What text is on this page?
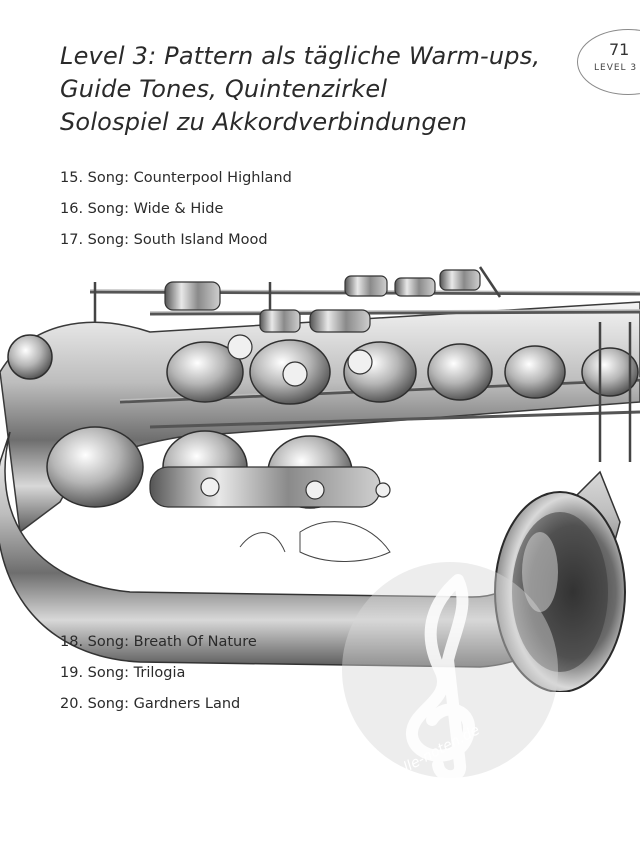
Level 3: Pattern als tägliche Warm-ups,
Guide Tones, Quintenzirkel
Solospiel zu Akkordverbindungen
71
LEVEL 3
15. Song: Counterpool Highland
16. Song: Wide & Hide
17. Song: South Island Mood
18. Song: Breath Of Nature
19. Song: Trilogia
20. Song: Gardners Land
alle-noten.de
